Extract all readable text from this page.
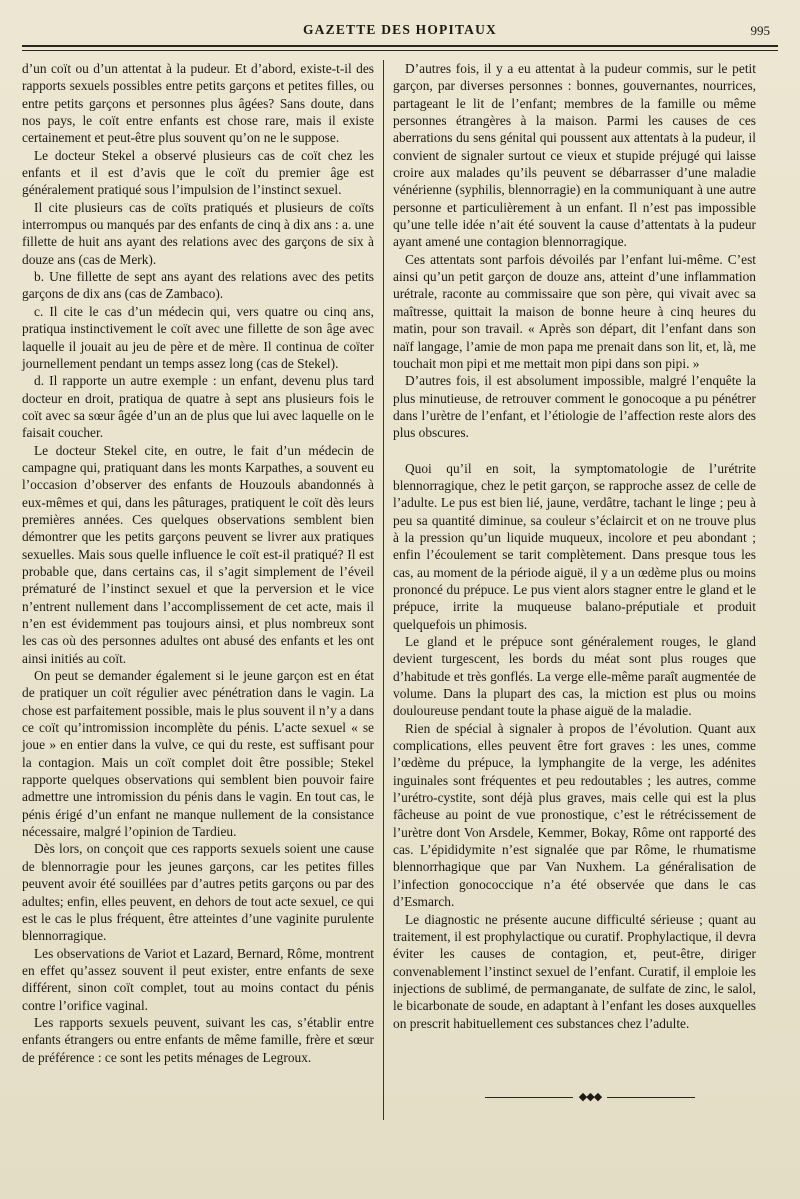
GAZETTE DES HOPITAUX	995

d’un coït ou d’un attentat à la pudeur. Et d’abord, existe-t-il des rapports sexuels possibles entre petits garçons et petites filles, ou entre petits garçons et personnes plus âgées? Sans doute, dans nos pays, le coït entre enfants est chose rare, mais il existe certainement et peut-être plus souvent qu’on ne le suppose.

Le docteur Stekel a observé plusieurs cas de coït chez les enfants et il est d’avis que le coït du premier âge est généralement pratiqué sous l’impulsion de l’instinct sexuel.

Il cite plusieurs cas de coïts pratiqués et plusieurs de coïts interrompus ou manqués par des enfants de cinq à dix ans : a. une fillette de huit ans ayant des relations avec des garçons de six à douze ans (cas de Merk).

b. Une fillette de sept ans ayant des relations avec des petits garçons de dix ans (cas de Zambaco).

c. Il cite le cas d’un médecin qui, vers quatre ou cinq ans, pratiqua instinctivement le coït avec une fillette de son âge avec laquelle il jouait au jeu de père et de mère. Il continua de coïter journellement pendant un temps assez long (cas de Stekel).

d. Il rapporte un autre exemple : un enfant, devenu plus tard docteur en droit, pratiqua de quatre à sept ans plusieurs fois le coït avec sa sœur âgée d’un an de plus que lui avec laquelle on le faisait coucher.

Le docteur Stekel cite, en outre, le fait d’un médecin de campagne qui, pratiquant dans les monts Karpathes, a souvent eu l’occasion d’observer des enfants de Houzouls abandonnés à eux-mêmes et qui, dans les pâturages, pratiquent le coït dès leurs premières années. Ces quelques observations semblent bien démontrer que les petits garçons peuvent se livrer aux pratiques sexuelles. Mais sous quelle influence le coït est-il pratiqué? Il est probable que, dans certains cas, il s’agit simplement de l’éveil prématuré de l’instinct sexuel et que la perversion et le vice n’entrent nullement dans l’accomplissement de cet acte, mais il n’en est évidemment pas toujours ainsi, et plus nombreux sont les cas où des personnes adultes ont abusé des enfants et les ont ainsi initiés au coït.

On peut se demander également si le jeune garçon est en état de pratiquer un coït régulier avec pénétration dans le vagin. La chose est parfaitement possible, mais le plus souvent il n’y a dans ce coït qu’intromission incomplète du pénis. L’acte sexuel « se joue » en entier dans la vulve, ce qui du reste, est suffisant pour la contagion. Mais un coït complet doit être possible; Stekel rapporte quelques observations qui semblent bien pouvoir faire admettre une intromission du pénis dans le vagin. En tout cas, le pénis érigé d’un enfant ne manque nullement de la consistance nécessaire, malgré l’opinion de Tardieu.

Dès lors, on conçoit que ces rapports sexuels soient une cause de blennorragie pour les jeunes garçons, car les petites filles peuvent avoir été souillées par d’autres petits garçons ou par des adultes; enfin, elles peuvent, en dehors de tout acte sexuel, ce qui est le cas le plus fréquent, être atteintes d’une vaginite purulente blennorragique.

Les observations de Variot et Lazard, Bernard, Rôme, montrent en effet qu’assez souvent il peut exister, entre enfants de sexe différent, sinon coït complet, tout au moins contact du pénis contre l’orifice vaginal.

Les rapports sexuels peuvent, suivant les cas, s’établir entre enfants étrangers ou entre enfants de même famille, frère et sœur de préférence : ce sont les petits ménages de Legroux.

D’autres fois, il y a eu attentat à la pudeur commis, sur le petit garçon, par diverses personnes : bonnes, gouvernantes, nourrices, partageant le lit de l’enfant; membres de la famille ou même personnes étrangères à la maison. Parmi les causes de ces aberrations du sens génital qui poussent aux attentats à la pudeur, il convient de signaler surtout ce vieux et stupide préjugé qui laisse croire aux malades qu’ils peuvent se débarrasser d’une maladie vénérienne (syphilis, blennorragie) en la communiquant à une autre personne et particulièrement à un enfant. Il n’est pas impossible qu’une telle idée n’ait été souvent la cause d’attentats à la pudeur ayant amené une contagion blennorragique.

Ces attentats sont parfois dévoilés par l’enfant lui-même. C’est ainsi qu’un petit garçon de douze ans, atteint d’une inflammation urétrale, raconte au commissaire que son père, qui vivait avec sa maîtresse, quittait la maison de bonne heure à cinq heures du matin, pour son travail. « Après son départ, dit l’enfant dans son naïf langage, l’amie de mon papa me prenait dans son lit, et, là, me touchait mon pipi et me mettait mon pipi dans son pipi. »

D’autres fois, il est absolument impossible, malgré l’enquête la plus minutieuse, de retrouver comment le gonocoque a pu pénétrer dans l’urètre de l’enfant, et l’étiologie de l’affection reste alors des plus obscures.

Quoi qu’il en soit, la symptomatologie de l’urétrite blennorragique, chez le petit garçon, se rapproche assez de celle de l’adulte. Le pus est bien lié, jaune, verdâtre, tachant le linge ; peu à peu sa quantité diminue, sa couleur s’éclaircit et on ne trouve plus à la pression qu’un liquide muqueux, incolore et peu abondant ; enfin l’écoulement se tarit complètement. Dans presque tous les cas, au moment de la période aiguë, il y a un œdème plus ou moins prononcé du prépuce. Le pus vient alors stagner entre le gland et le prépuce, irrite la muqueuse balano-préputiale et produit quelquefois un phimosis.

Le gland et le prépuce sont généralement rouges, le gland devient turgescent, les bords du méat sont plus rouges que d’habitude et très gonflés. La verge elle-même paraît augmentée de volume. Dans la plupart des cas, la miction est plus ou moins douloureuse pendant toute la phase aiguë de la maladie.

Rien de spécial à signaler à propos de l’évolution. Quant aux complications, elles peuvent être fort graves : les unes, comme l’œdème du prépuce, la lymphangite de la verge, les adénites inguinales sont fréquentes et peu redoutables ; les autres, comme l’urétro-cystite, sont déjà plus graves, mais celle qui est la plus fâcheuse au point de vue pronostique, c’est le rétrécissement de l’urètre dont Von Arsdele, Kemmer, Bokay, Rôme ont rapporté des cas. L’épididymite n’est signalée que par Rôme, le rhumatisme blennorrhagique que par Van Nuxhem. La généralisation de l’infection gonococcique n’a été observée que dans le cas d’Esmarch.

Le diagnostic ne présente aucune difficulté sérieuse ; quant au traitement, il est prophylactique ou curatif. Prophylactique, il devra éviter les causes de contagion, et, peut-être, diriger convenablement l’instinct sexuel de l’enfant. Curatif, il emploie les injections de sublimé, de permanganate, de sulfate de zinc, le salol, le bicarbonate de soude, en adaptant à l’enfant les doses auxquelles on prescrit habituellement ces substances chez l’adulte.

◆◆◆
